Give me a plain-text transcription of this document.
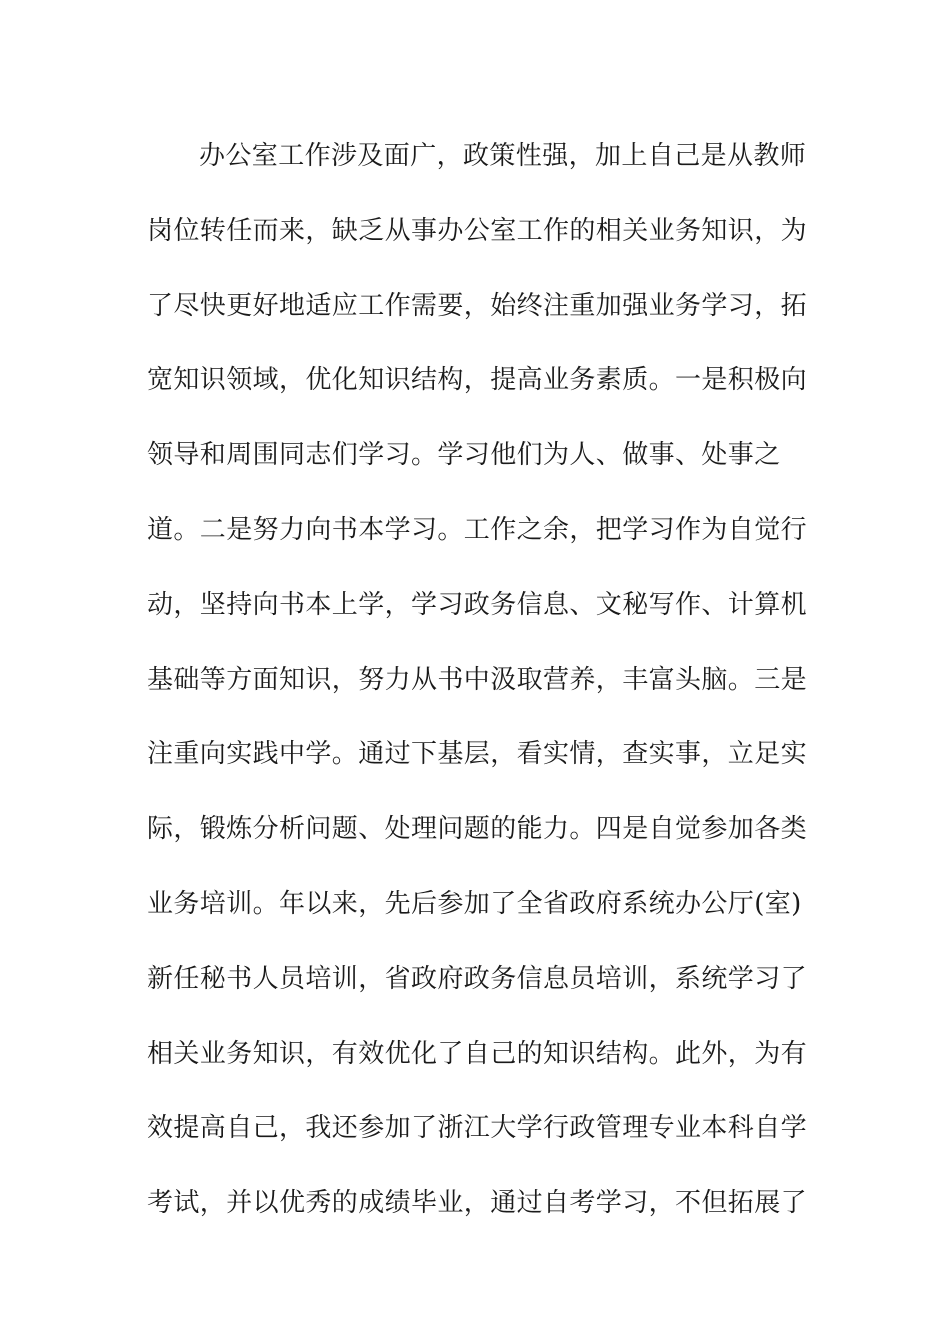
办公室工作涉及面广，政策性强，加上自己是从教师
岗位转任而来，缺乏从事办公室工作的相关业务知识，为
了尽快更好地适应工作需要，始终注重加强业务学习，拓
宽知识领域，优化知识结构，提高业务素质。一是积极向
领导和周围同志们学习。学习他们为人、做事、处事之
道。二是努力向书本学习。工作之余，把学习作为自觉行
动，坚持向书本上学，学习政务信息、文秘写作、计算机
基础等方面知识，努力从书中汲取营养，丰富头脑。三是
注重向实践中学。通过下基层，看实情，查实事，立足实
际，锻炼分析问题、处理问题的能力。四是自觉参加各类
业务培训。年以来，先后参加了全省政府系统办公厅(室)
新任秘书人员培训，省政府政务信息员培训，系统学习了
相关业务知识，有效优化了自己的知识结构。此外，为有
效提高自己，我还参加了浙江大学行政管理专业本科自学
考试，并以优秀的成绩毕业，通过自考学习，不但拓展了
